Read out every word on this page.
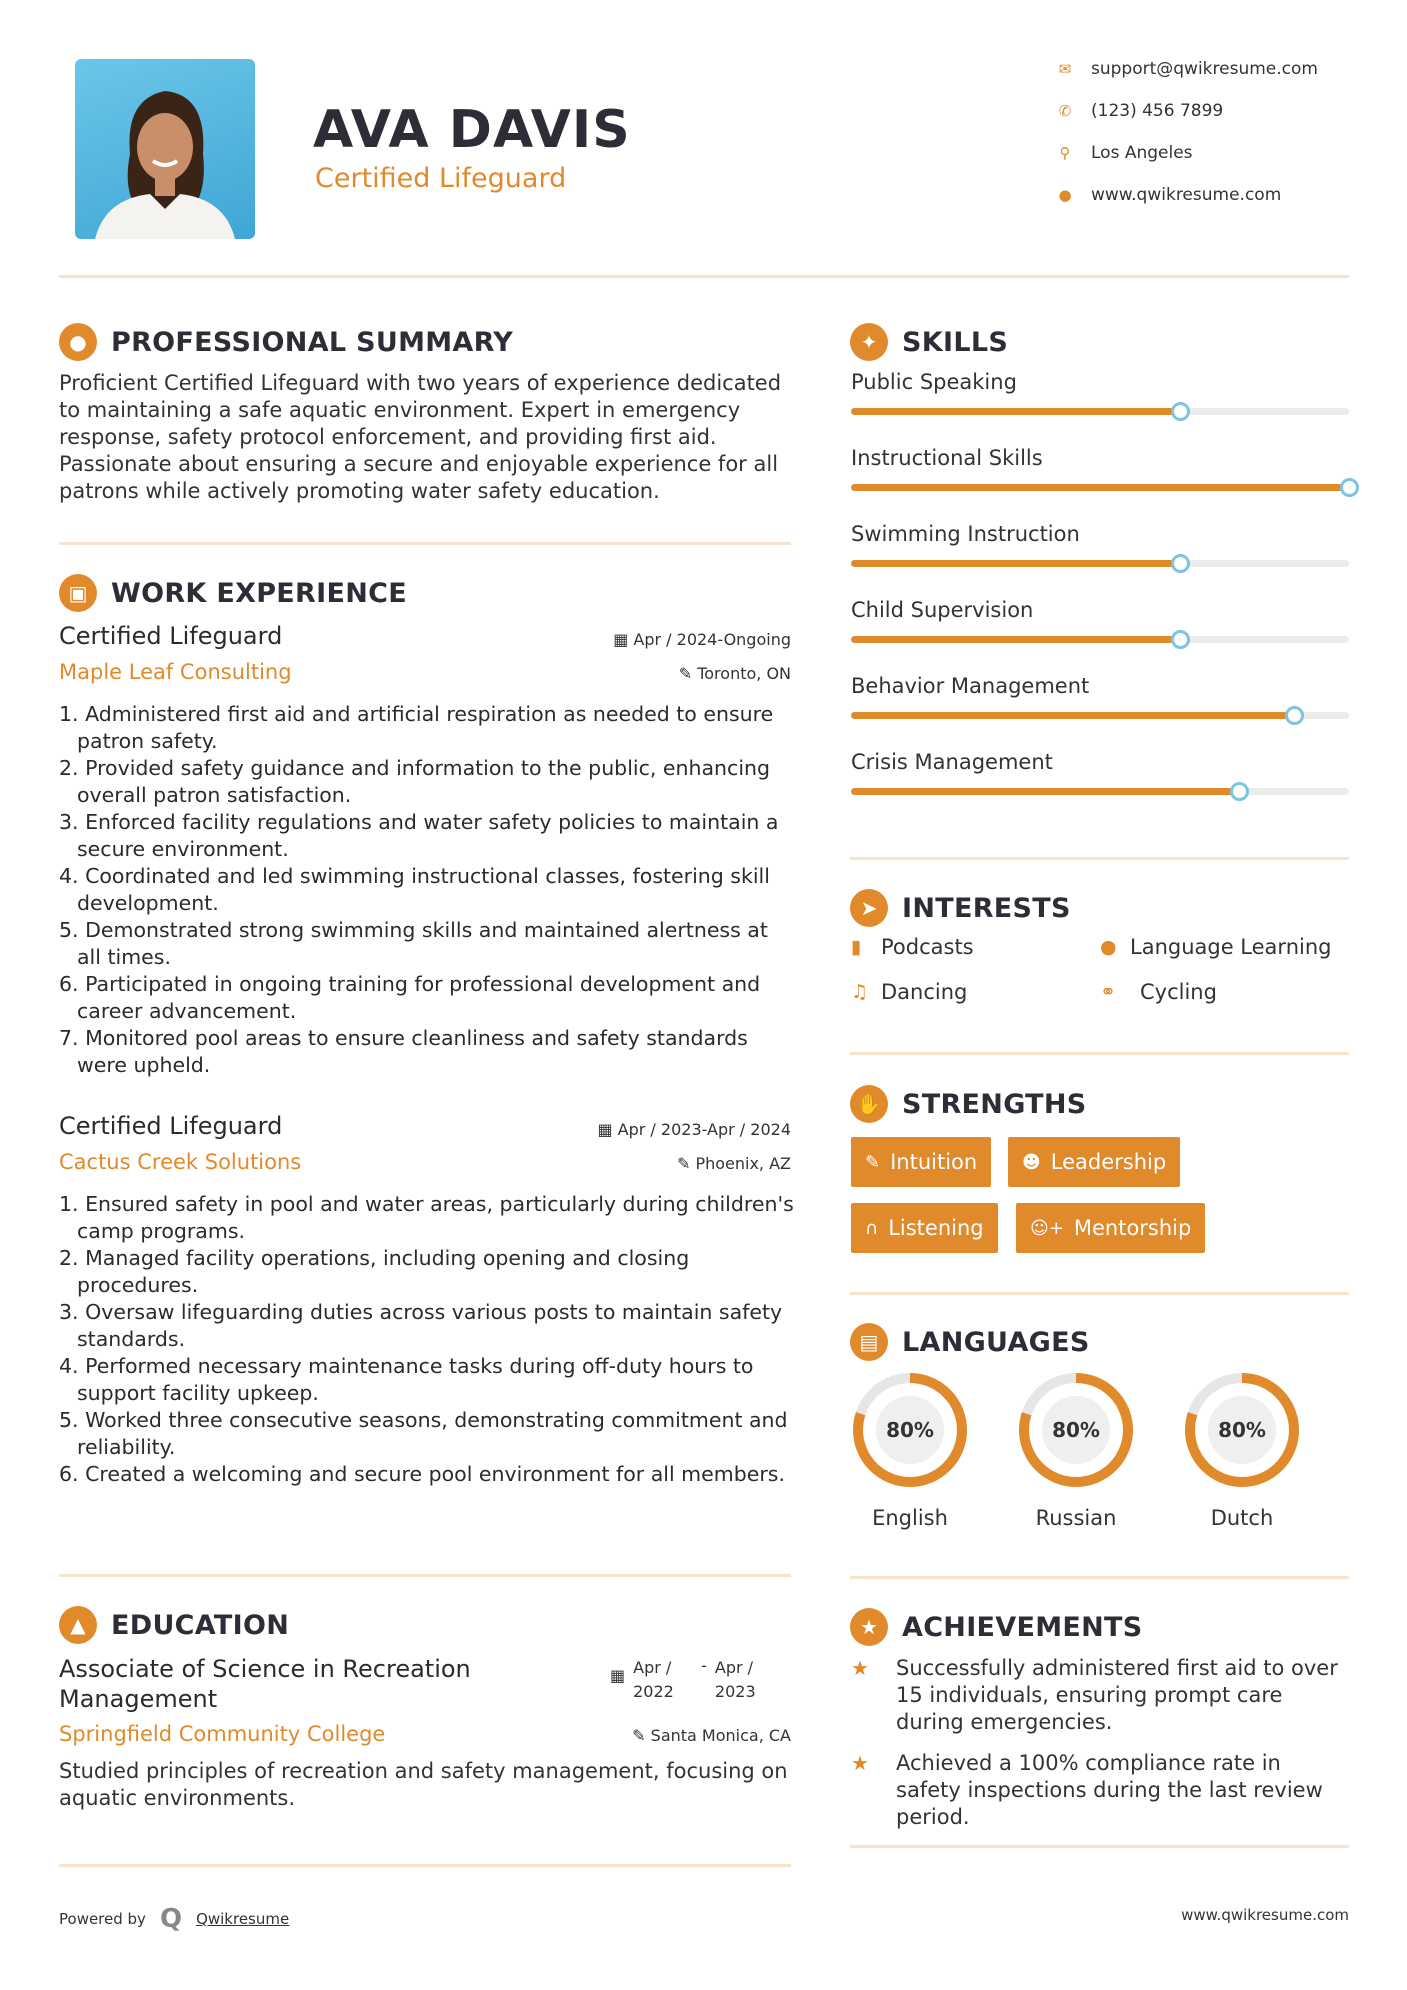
AVA DAVIS
Certified Lifeguard
✉ support@qwikresume.com
✆ (123) 456 7899
⚲ Los Angeles
● www.qwikresume.com
● PROFESSIONAL SUMMARY
Proficient Certified Lifeguard with two years of experience dedicated to maintaining a safe aquatic environment. Expert in emergency response, safety protocol enforcement, and providing first aid. Passionate about ensuring a secure and enjoyable experience for all patrons while actively promoting water safety education.
▣ WORK EXPERIENCE
Certified Lifeguard	▦ Apr / 2024-Ongoing
Maple Leaf Consulting	✎ Toronto, ON
1. Administered first aid and artificial respiration as needed to ensure patron safety.
2. Provided safety guidance and information to the public, enhancing overall patron satisfaction.
3. Enforced facility regulations and water safety policies to maintain a secure environment.
4. Coordinated and led swimming instructional classes, fostering skill development.
5. Demonstrated strong swimming skills and maintained alertness at all times.
6. Participated in ongoing training for professional development and career advancement.
7. Monitored pool areas to ensure cleanliness and safety standards were upheld.
Certified Lifeguard	▦ Apr / 2023-Apr / 2024
Cactus Creek Solutions	✎ Phoenix, AZ
1. Ensured safety in pool and water areas, particularly during children's camp programs.
2. Managed facility operations, including opening and closing procedures.
3. Oversaw lifeguarding duties across various posts to maintain safety standards.
4. Performed necessary maintenance tasks during off-duty hours to support facility upkeep.
5. Worked three consecutive seasons, demonstrating commitment and reliability.
6. Created a welcoming and secure pool environment for all members.
▲ EDUCATION
Associate of Science in Recreation Management
▦ Apr / 2022
- Apr / 2023
Springfield Community College	✎ Santa Monica, CA
Studied principles of recreation and safety management, focusing on aquatic environments.
✦ SKILLS
Public Speaking
Instructional Skills
Swimming Instruction
Child Supervision
Behavior Management
Crisis Management
➤ INTERESTS
▮ Podcasts	● Language Learning
♫ Dancing	⚭	Cycling
✋ STRENGTHS
✎ Intuition ☻ Leadership
∩ Listening	☺+ Mentorship
▤ LANGUAGES
80%
English
80%
Russian
80%
Dutch
★ ACHIEVEMENTS
★	Successfully administered first aid to over 15 individuals, ensuring prompt care during emergencies.
★	Achieved a 100% compliance rate in safety inspections during the last review period.
Powered by Q Qwikresume	www.qwikresume.com
